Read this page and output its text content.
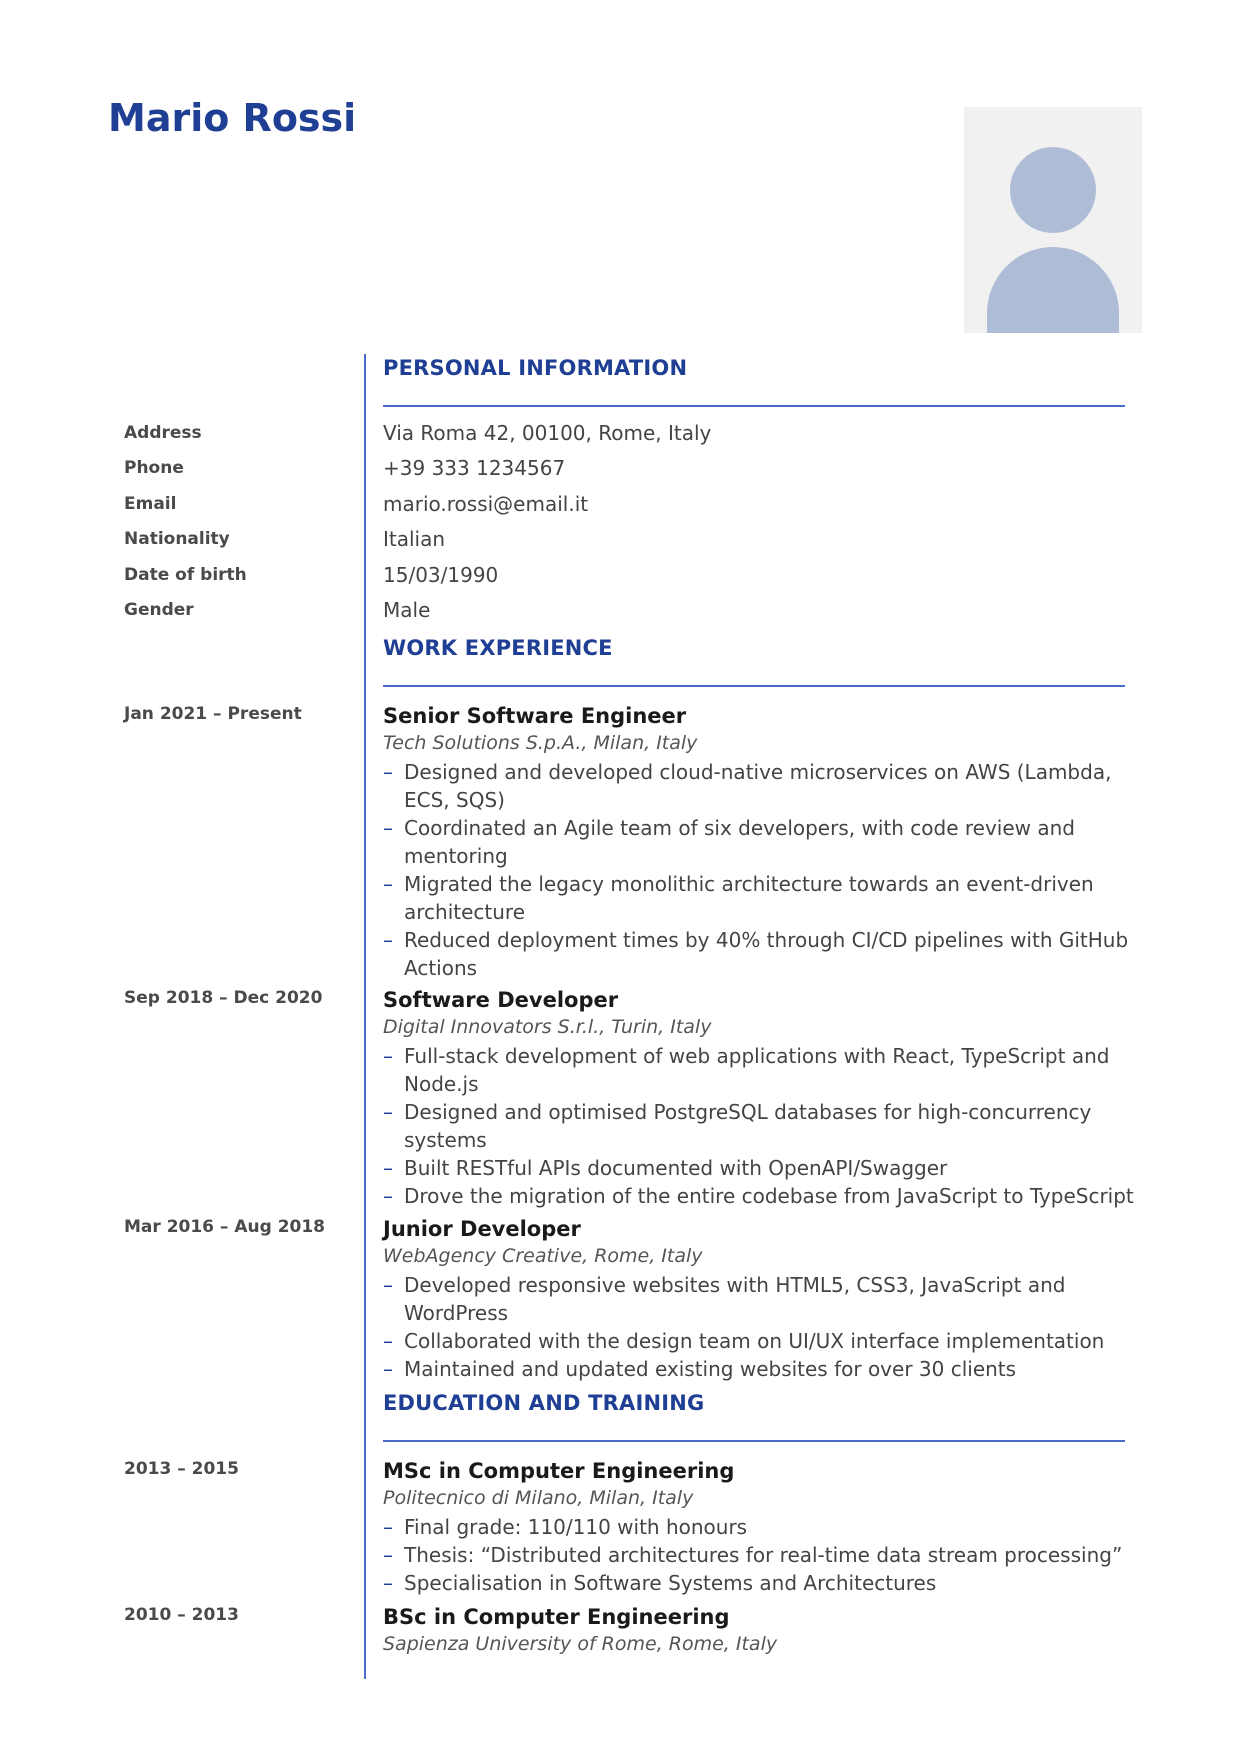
Mario Rossi
PERSONAL INFORMATION
Address	Via Roma 42, 00100, Rome, Italy
Phone	+39 333 1234567
Email	mario.rossi@email.it
Nationality	Italian
Date of birth	15/03/1990
Gender	Male
WORK EXPERIENCE
Jan 2021 – Present	Senior Software Engineer
Tech Solutions S.p.A., Milan, Italy
– Designed and developed cloud-native microservices on AWS (Lambda, ECS, SQS)
– Coordinated an Agile team of six developers, with code review and mentoring
– Migrated the legacy monolithic architecture towards an event-driven architecture
– Reduced deployment times by 40% through CI/CD pipelines with GitHub Actions
Sep 2018 – Dec 2020	Software Developer
Digital Innovators S.r.l., Turin, Italy
– Full-stack development of web applications with React, TypeScript and Node.js
– Designed and optimised PostgreSQL databases for high-concurrency systems
– Built RESTful APIs documented with OpenAPI/Swagger
– Drove the migration of the entire codebase from JavaScript to TypeScript
Mar 2016 – Aug 2018	Junior Developer
WebAgency Creative, Rome, Italy
– Developed responsive websites with HTML5, CSS3, JavaScript and WordPress
– Collaborated with the design team on UI/UX interface implementation
– Maintained and updated existing websites for over 30 clients
EDUCATION AND TRAINING
2013 – 2015	MSc in Computer Engineering
Politecnico di Milano, Milan, Italy
– Final grade: 110/110 with honours
– Thesis: “Distributed architectures for real-time data stream processing”
– Specialisation in Software Systems and Architectures
2010 – 2013	BSc in Computer Engineering
Sapienza University of Rome, Rome, Italy
